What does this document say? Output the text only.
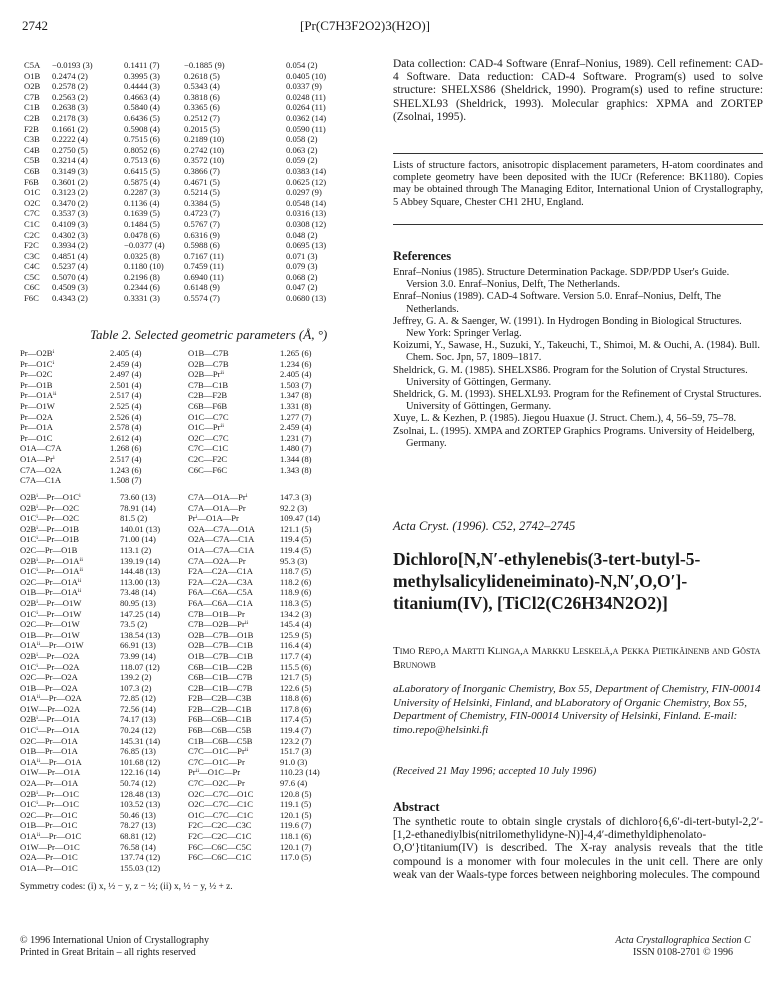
2742	[Pr(C7H3F2O2)3(H2O)]
C5A
O1B
O2B
C7B
C1B
C2B
F2B
C3B
C4B
C5B
C6B
F6B
O1C
O2C
C7C
C1C
C2C
F2C
C3C
C4C
C5C
C6C
F6C
−0.0193 (3)
0.2474 (2)
0.2578 (2)
0.2563 (2)
0.2638 (3)
0.2178 (3)
0.1661 (2)
0.2222 (4)
0.2750 (5)
0.3214 (4)
0.3149 (3)
0.3601 (2)
0.3123 (2)
0.3470 (2)
0.3537 (3)
0.4109 (3)
0.4302 (3)
0.3934 (2)
0.4851 (4)
0.5237 (4)
0.5070 (4)
0.4509 (3)
0.4343 (2)
0.1411 (7)
0.3995 (3)
0.4444 (3)
0.4663 (4)
0.5840 (4)
0.6436 (5)
0.5908 (4)
0.7515 (6)
0.8052 (6)
0.7513 (6)
0.6415 (5)
0.5875 (4)
0.2287 (3)
0.1136 (4)
0.1639 (5)
0.1484 (5)
0.0478 (6)
−0.0377 (4)
0.0325 (8)
0.1180 (10)
0.2196 (8)
0.2344 (6)
0.3331 (3)
−0.1885 (9)
0.2618 (5)
0.5343 (4)
0.3818 (6)
0.3365 (6)
0.2512 (7)
0.2015 (5)
0.2189 (10)
0.2742 (10)
0.3572 (10)
0.3866 (7)
0.4671 (5)
0.5214 (5)
0.3384 (5)
0.4723 (7)
0.5767 (7)
0.6316 (9)
0.5988 (6)
0.7167 (11)
0.7459 (11)
0.6940 (11)
0.6148 (9)
0.5574 (7)
0.054 (2)
0.0405 (10)
0.0337 (9)
0.0248 (11)
0.0264 (11)
0.0362 (14)
0.0590 (11)
0.058 (2)
0.063 (2)
0.059 (2)
0.0383 (14)
0.0625 (12)
0.0297 (9)
0.0548 (14)
0.0316 (13)
0.0308 (12)
0.048 (2)
0.0695 (13)
0.071 (3)
0.079 (3)
0.068 (2)
0.047 (2)
0.0680 (13)
Table 2. Selected geometric parameters (Å, °)
Pr—O2Bⁱ
Pr—O1Cⁱ
Pr—O2C
Pr—O1B
Pr—O1Aⁱⁱ
Pr—O1W
Pr—O2A
Pr—O1A
Pr—O1C
O1A—C7A
O1A—Prⁱ
C7A—O2A
C7A—C1A
2.405 (4)
2.459 (4)
2.497 (4)
2.501 (4)
2.517 (4)
2.525 (4)
2.526 (4)
2.578 (4)
2.612 (4)
1.268 (6)
2.517 (4)
1.243 (6)
1.508 (7)
O1B—C7B
O2B—C7B
O2B—Prⁱⁱ
C7B—C1B
C2B—F2B
C6B—F6B
O1C—C7C
O1C—Prⁱⁱ
O2C—C7C
C7C—C1C
C2C—F2C
C6C—F6C
1.265 (6)
1.234 (6)
2.405 (4)
1.503 (7)
1.347 (8)
1.331 (8)
1.277 (7)
2.459 (4)
1.231 (7)
1.480 (7)
1.344 (8)
1.343 (8)
O2Bⁱ—Pr—O1Cⁱ
O2Bⁱ—Pr—O2C
O1Cⁱ—Pr—O2C
O2Bⁱ—Pr—O1B
O1Cⁱ—Pr—O1B
O2C—Pr—O1B
O2Bⁱ—Pr—O1Aⁱⁱ
O1Cⁱ—Pr—O1Aⁱⁱ
O2C—Pr—O1Aⁱⁱ
O1B—Pr—O1Aⁱⁱ
O2Bⁱ—Pr—O1W
O1Cⁱ—Pr—O1W
O2C—Pr—O1W
O1B—Pr—O1W
O1Aⁱⁱ—Pr—O1W
O2Bⁱ—Pr—O2A
O1Cⁱ—Pr—O2A
O2C—Pr—O2A
O1B—Pr—O2A
O1Aⁱⁱ—Pr—O2A
O1W—Pr—O2A
O2Bⁱ—Pr—O1A
O1Cⁱ—Pr—O1A
O2C—Pr—O1A
O1B—Pr—O1A
O1Aⁱⁱ—Pr—O1A
O1W—Pr—O1A
O2A—Pr—O1A
O2Bⁱ—Pr—O1C
O1Cⁱ—Pr—O1C
O2C—Pr—O1C
O1B—Pr—O1C
O1Aⁱⁱ—Pr—O1C
O1W—Pr—O1C
O2A—Pr—O1C
O1A—Pr—O1C
73.60 (13)
78.91 (14)
81.5 (2)
140.01 (13)
71.00 (14)
113.1 (2)
139.19 (14)
144.48 (13)
113.00 (13)
73.48 (14)
80.95 (13)
147.25 (14)
73.5 (2)
138.54 (13)
66.91 (13)
73.99 (14)
118.07 (12)
139.2 (2)
107.3 (2)
72.85 (12)
72.56 (14)
74.17 (13)
70.24 (12)
145.31 (14)
76.85 (13)
101.68 (12)
122.16 (14)
50.74 (12)
128.48 (13)
103.52 (13)
50.46 (13)
78.27 (13)
68.81 (12)
76.58 (14)
137.74 (12)
155.03 (12)
C7A—O1A—Prⁱ
C7A—O1A—Pr
Prⁱ—O1A—Pr
O2A—C7A—O1A
O2A—C7A—C1A
O1A—C7A—C1A
C7A—O2A—Pr
F2A—C2A—C1A
F2A—C2A—C3A
F6A—C6A—C5A
F6A—C6A—C1A
C7B—O1B—Pr
C7B—O2B—Prⁱⁱ
O2B—C7B—O1B
O2B—C7B—C1B
O1B—C7B—C1B
C6B—C1B—C2B
C6B—C1B—C7B
C2B—C1B—C7B
F2B—C2B—C3B
F2B—C2B—C1B
F6B—C6B—C1B
F6B—C6B—C5B
C1B—C6B—C5B
C7C—O1C—Prⁱⁱ
C7C—O1C—Pr
Prⁱⁱ—O1C—Pr
C7C—O2C—Pr
O2C—C7C—O1C
O2C—C7C—C1C
O1C—C7C—C1C
F2C—C2C—C3C
F2C—C2C—C1C
F6C—C6C—C5C
F6C—C6C—C1C
147.3 (3)
92.2 (3)
109.47 (14)
121.1 (5)
119.4 (5)
119.4 (5)
95.3 (3)
118.7 (5)
118.2 (6)
118.9 (6)
118.3 (5)
134.2 (3)
145.4 (4)
125.9 (5)
116.4 (4)
117.7 (4)
115.5 (6)
121.7 (5)
122.6 (5)
118.8 (6)
117.8 (6)
117.4 (5)
119.4 (7)
123.2 (7)
151.7 (3)
91.0 (3)
110.23 (14)
97.6 (4)
120.8 (5)
119.1 (5)
120.1 (5)
119.6 (7)
118.1 (6)
120.1 (7)
117.0 (5)
Symmetry codes: (i) x, ½ − y, z − ½; (ii) x, ½ − y, ½ + z.

Data collection: CAD-4 Software (Enraf–Nonius, 1989). Cell refinement: CAD-4 Software. Data reduction: CAD-4 Software. Program(s) used to solve structure: SHELXS86 (Sheldrick, 1990). Program(s) used to refine structure: SHELXL93 (Sheldrick, 1993). Molecular graphics: XPMA and ZORTEP (Zsolnai, 1995).

Lists of structure factors, anisotropic displacement parameters, H-atom coordinates and complete geometry have been deposited with the IUCr (Reference: BK1180). Copies may be obtained through The Managing Editor, International Union of Crystallography, 5 Abbey Square, Chester CH1 2HU, England.
References

Enraf–Nonius (1985). Structure Determination Package. SDP/PDP User's Guide. Version 3.0. Enraf–Nonius, Delft, The Netherlands.

Enraf–Nonius (1989). CAD-4 Software. Version 5.0. Enraf–Nonius, Delft, The Netherlands.

Jeffrey, G. A. & Saenger, W. (1991). In Hydrogen Bonding in Biological Structures. New York: Springer Verlag.

Koizumi, Y., Sawase, H., Suzuki, Y., Takeuchi, T., Shimoi, M. & Ouchi, A. (1984). Bull. Chem. Soc. Jpn, 57, 1809–1817.

Sheldrick, G. M. (1985). SHELXS86. Program for the Solution of Crystal Structures. University of Göttingen, Germany.

Sheldrick, G. M. (1993). SHELXL93. Program for the Refinement of Crystal Structures. University of Göttingen, Germany.

Xuye, L. & Kezhen, P. (1985). Jiegou Huaxue (J. Struct. Chem.), 4, 56–59, 75–78.

Zsolnai, L. (1995). XMPA and ZORTEP Graphics Programs. University of Heidelberg, Germany.

Acta Cryst. (1996). C52, 2742–2745
Dichloro[N,N′-ethylenebis(3-tert-butyl-5-methylsalicylideneiminato)-N,N′,O,O′]-titanium(IV), [TiCl2(C26H34N2O2)]
Timo Repo,a Martti Klinga,a Markku Leskelä,a Pekka Pietikäinenb and Gösta Brunowb
aLaboratory of Inorganic Chemistry, Box 55, Department of Chemistry, FIN-00014 University of Helsinki, Finland, and bLaboratory of Organic Chemistry, Box 55, Department of Chemistry, FIN-00014 University of Helsinki, Finland. E-mail: timo.repo@helsinki.fi
(Received 21 May 1996; accepted 10 July 1996)
Abstract

The synthetic route to obtain single crystals of dichloro{6,6′-di-tert-butyl-2,2′-[1,2-ethanediylbis(nitrilomethylidyne-N)]-4,4′-dimethyldiphenolato-O,O′}titanium(IV) is described. The X-ray analysis reveals that the title compound is a monomer with four molecules in the unit cell. There are only weak van der Waals-type forces between neighboring molecules. The compound

© 1996 International Union of Crystallography
Printed in Great Britain – all rights reserved
Acta Crystallographica Section C
ISSN 0108-2701 © 1996
